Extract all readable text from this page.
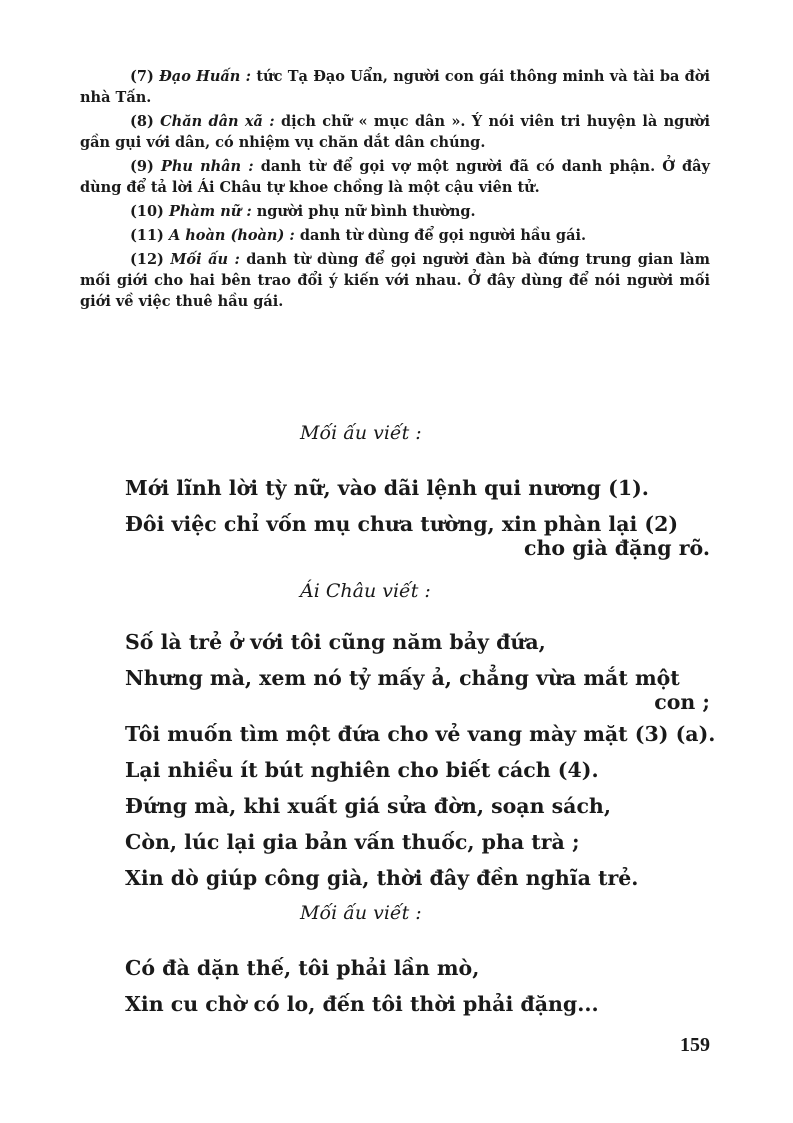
(7) Đạo Huấn : tức Tạ Đạo Uẩn, người con gái thông minh và tài ba đời nhà Tấn.

(8) Chăn dân xã : dịch chữ « mục dân ». Ý nói viên tri huyện là người gần gụi với dân, có nhiệm vụ chăn dắt dân chúng.

(9) Phu nhân : danh từ để gọi vợ một người đã có danh phận. Ở đây dùng để tả lời Ái Châu tự khoe chồng là một cậu viên tử.

(10) Phàm nữ : người phụ nữ bình thường.

(11) A hoàn (hoàn) : danh từ dùng để gọi người hầu gái.

(12) Mối ấu : danh từ dùng để gọi người đàn bà đứng trung gian làm mối giới cho hai bên trao đổi ý kiến với nhau. Ở đây dùng để nói người mối giới về việc thuê hầu gái.

Mối ấu viết :
Mới lĩnh lời tỳ nữ, vào dãi lệnh qui nương (1).
Đôi việc chỉ vốn mụ chưa tường, xin phàn lại (2)
cho già đặng rõ.
Ái Châu viết :
Số là trẻ ở với tôi cũng năm bảy đứa,
Nhưng mà, xem nó tỷ mấy ả, chẳng vừa mắt một
con ;
Tôi muốn tìm một đứa cho vẻ vang mày mặt (3) (a).
Lại nhiều ít bút nghiên cho biết cách (4).
Đứng mà, khi xuất giá sửa đờn, soạn sách,
Còn, lúc lại gia bản vấn thuốc, pha trà ;
Xin dò giúp công già, thời đây đền nghĩa trẻ.
Mối ấu viết :
Có đà dặn thế, tôi phải lần mò,
Xin cu chờ có lo, đến tôi thời phải đặng...
159
